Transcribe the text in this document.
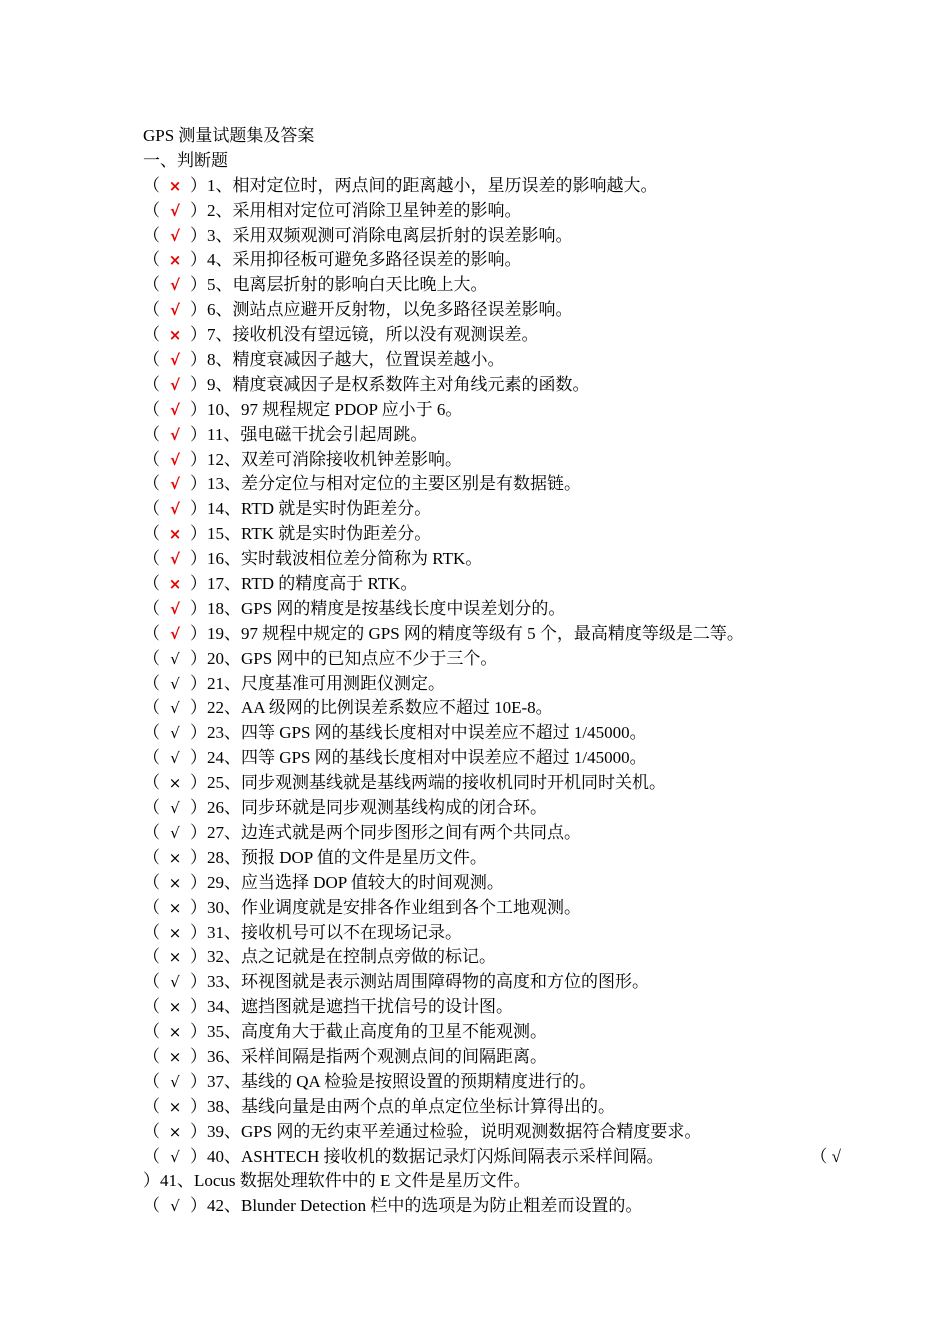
GPS 测量试题集及答案
一、判断题
（ × ）1、相对定位时，两点间的距离越小，星历误差的影响越大。
（ √ ）2、采用相对定位可消除卫星钟差的影响。
（ √ ）3、采用双频观测可消除电离层折射的误差影响。
（ × ）4、采用抑径板可避免多路径误差的影响。
（ √ ）5、电离层折射的影响白天比晚上大。
（ √ ）6、测站点应避开反射物，以免多路径误差影响。
（ × ）7、接收机没有望远镜，所以没有观测误差。
（ √ ）8、精度衰减因子越大，位置误差越小。
（ √ ）9、精度衰减因子是权系数阵主对角线元素的函数。
（ √ ）10、97 规程规定 PDOP 应小于 6。
（ √ ）11、强电磁干扰会引起周跳。
（ √ ）12、双差可消除接收机钟差影响。
（ √ ）13、差分定位与相对定位的主要区别是有数据链。
（ √ ）14、RTD 就是实时伪距差分。
（ × ）15、RTK 就是实时伪距差分。
（ √ ）16、实时载波相位差分简称为 RTK。
（ × ）17、RTD 的精度高于 RTK。
（ √ ）18、GPS 网的精度是按基线长度中误差划分的。
（ √ ）19、97 规程中规定的 GPS 网的精度等级有 5 个，最高精度等级是二等。
（ √ ）20、GPS 网中的已知点应不少于三个。
（ √ ）21、尺度基准可用测距仪测定。
（ √ ）22、AA 级网的比例误差系数应不超过 10E-8。
（ √ ）23、四等 GPS 网的基线长度相对中误差应不超过 1/45000。
（ √ ）24、四等 GPS 网的基线长度相对中误差应不超过 1/45000。
（ × ）25、同步观测基线就是基线两端的接收机同时开机同时关机。
（ √ ）26、同步环就是同步观测基线构成的闭合环。
（ √ ）27、边连式就是两个同步图形之间有两个共同点。
（ × ）28、预报 DOP 值的文件是星历文件。
（ × ）29、应当选择 DOP 值较大的时间观测。
（ × ）30、作业调度就是安排各作业组到各个工地观测。
（ × ）31、接收机号可以不在现场记录。
（ × ）32、点之记就是在控制点旁做的标记。
（ √ ）33、环视图就是表示测站周围障碍物的高度和方位的图形。
（ × ）34、遮挡图就是遮挡干扰信号的设计图。
（ × ）35、高度角大于截止高度角的卫星不能观测。
（ × ）36、采样间隔是指两个观测点间的间隔距离。
（ √ ）37、基线的 QA 检验是按照设置的预期精度进行的。
（ × ）38、基线向量是由两个点的单点定位坐标计算得出的。
（ × ）39、GPS 网的无约束平差通过检验，说明观测数据符合精度要求。
（ √ ）40、ASHTECH 接收机的数据记录灯闪烁间隔表示采样间隔。	（ √
）41、Locus 数据处理软件中的 E 文件是星历文件。
（ √ ）42、Blunder Detection 栏中的选项是为防止粗差而设置的。
